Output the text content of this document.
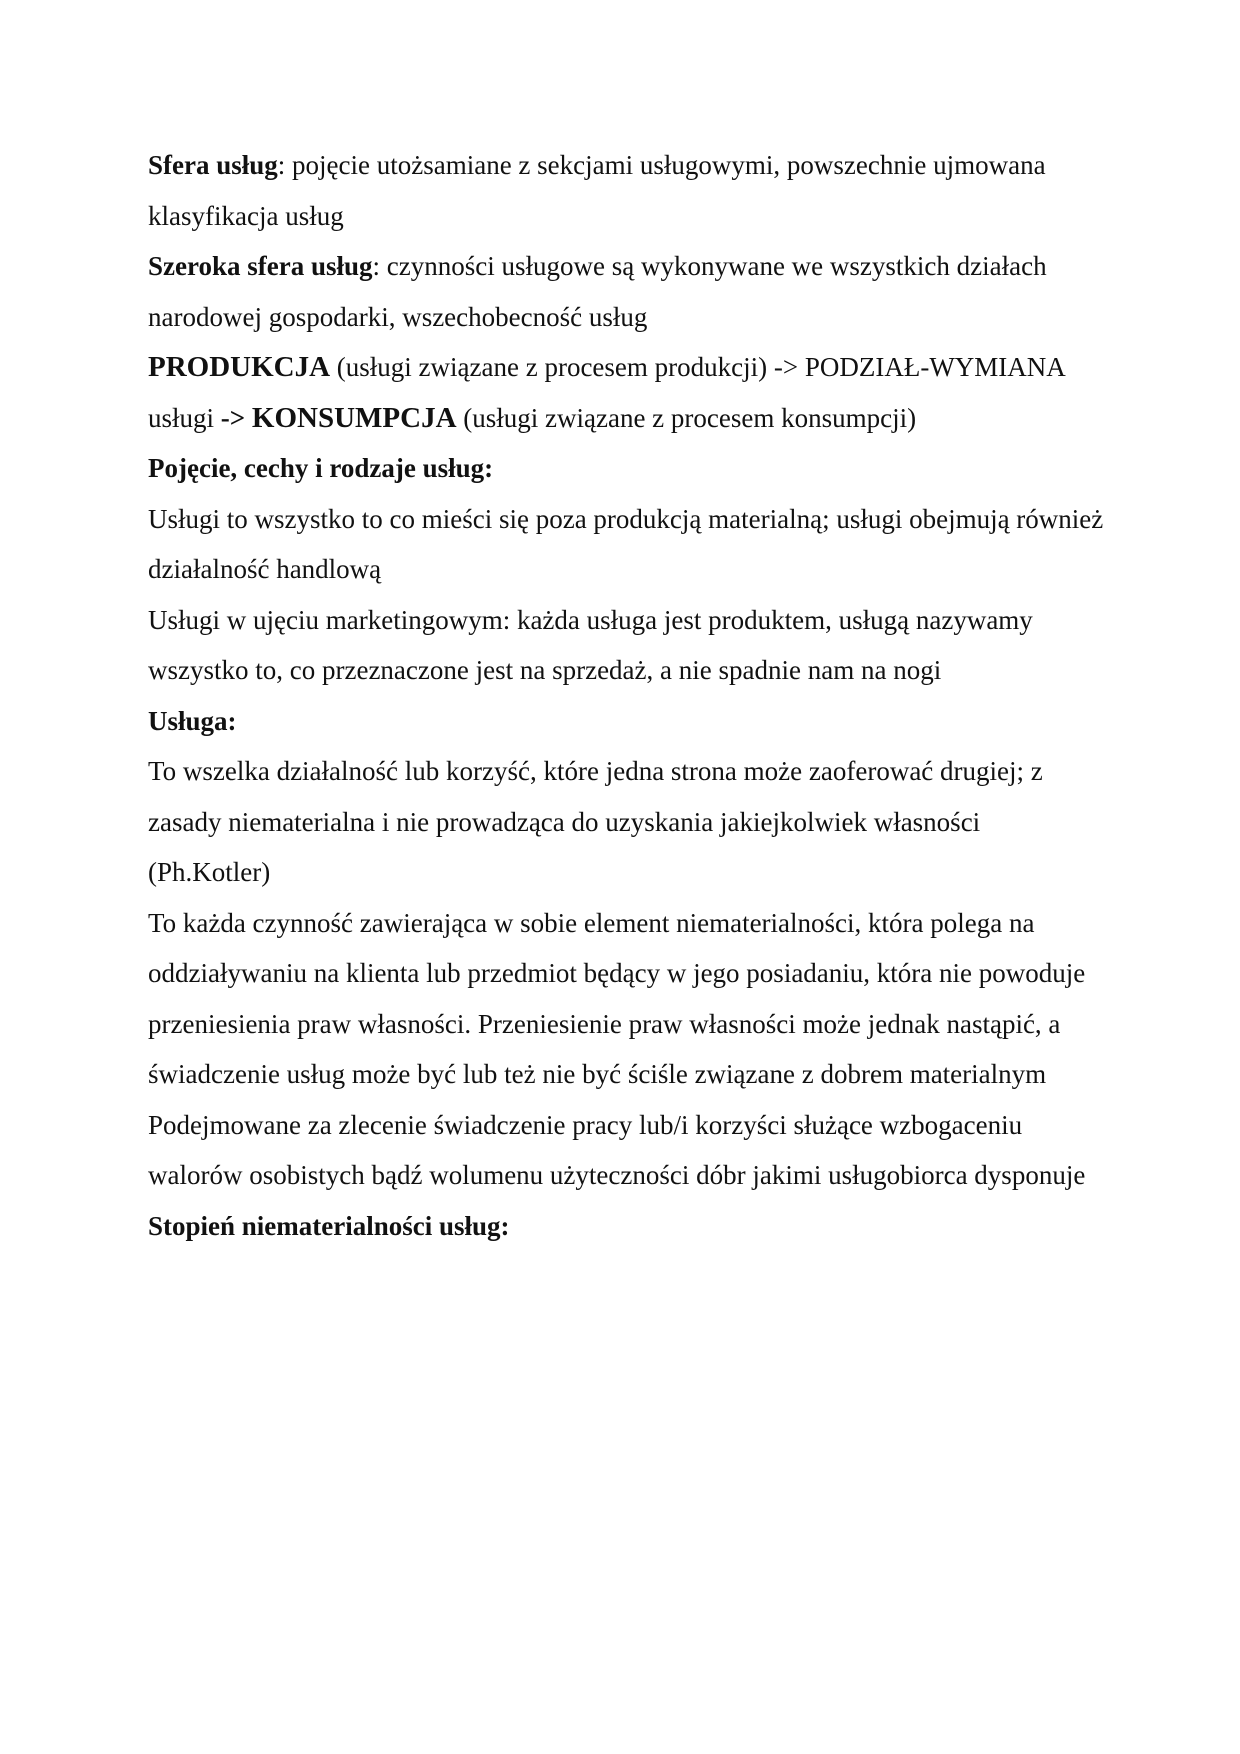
Sfera usług: pojęcie utożsamiane z sekcjami usługowymi, powszechnie ujmowana klasyfikacja usług

Szeroka sfera usług: czynności usługowe są wykonywane we wszystkich działach narodowej gospodarki, wszechobecność usług

PRODUKCJA (usługi związane z procesem produkcji) -> PODZIAŁ-WYMIANA usługi -> KONSUMPCJA (usługi związane z procesem konsumpcji)

Pojęcie, cechy i rodzaje usług:

Usługi to wszystko to co mieści się poza produkcją materialną; usługi obejmują również działalność handlową

Usługi w ujęciu marketingowym: każda usługa jest produktem, usługą nazywamy wszystko to, co przeznaczone jest na sprzedaż, a nie spadnie nam na nogi

Usługa:

To wszelka działalność lub korzyść, które jedna strona może zaoferować drugiej; z zasady niematerialna i nie prowadząca do uzyskania jakiejkolwiek własności (Ph.Kotler)

To każda czynność zawierająca w sobie element niematerialności, która polega na oddziaływaniu na klienta lub przedmiot będący w jego posiadaniu, która nie powoduje przeniesienia praw własności. Przeniesienie praw własności może jednak nastąpić, a świadczenie usług może być lub też nie być ściśle związane z dobrem materialnym

Podejmowane za zlecenie świadczenie pracy lub/i korzyści służące wzbogaceniu walorów osobistych bądź wolumenu użyteczności dóbr jakimi usługobiorca dysponuje

Stopień niematerialności usług:
